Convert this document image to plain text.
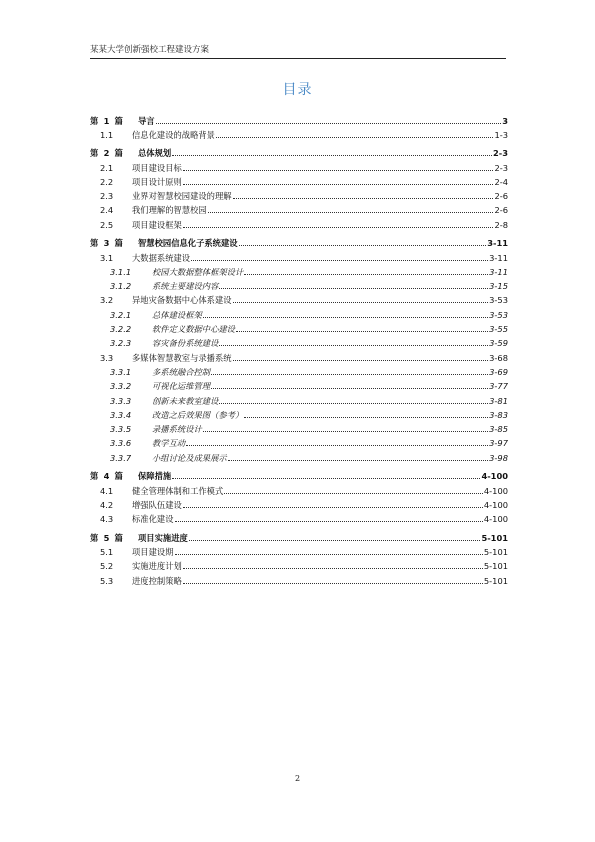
某某大学创新强校工程建设方案
目录
第 1 篇	导言	3
1.1	信息化建设的战略背景	1-3
第 2 篇	总体规划	2-3
2.1	项目建设目标	2-3
2.2	项目设计原则	2-4
2.3	业界对智慧校园建设的理解	2-6
2.4	我们理解的智慧校园	2-6
2.5	项目建设框架	2-8
第 3 篇	智慧校园信息化子系统建设	3-11
3.1	大数据系统建设	3-11
3.1.1	校园大数据整体框架设计	3-11
3.1.2	系统主要建设内容	3-15
3.2	异地灾备数据中心体系建设	3-53
3.2.1	总体建设框架	3-53
3.2.2	软件定义数据中心建设	3-55
3.2.3	容灾备份系统建设	3-59
3.3	多媒体智慧教室与录播系统	3-68
3.3.1	多系统融合控制	3-69
3.3.2	可视化运维管理	3-77
3.3.3	创新未来教室建设	3-81
3.3.4	改造之后效果图（参考）	3-83
3.3.5	录播系统设计	3-85
3.3.6	教学互动	3-97
3.3.7	小组讨论及成果展示	3-98
第 4 篇	保障措施	4-100
4.1	健全管理体制和工作模式	4-100
4.2	增强队伍建设	4-100
4.3	标准化建设	4-100
第 5 篇	项目实施进度	5-101
5.1	项目建设期	5-101
5.2	实施进度计划	5-101
5.3	进度控制策略	5-101
2
